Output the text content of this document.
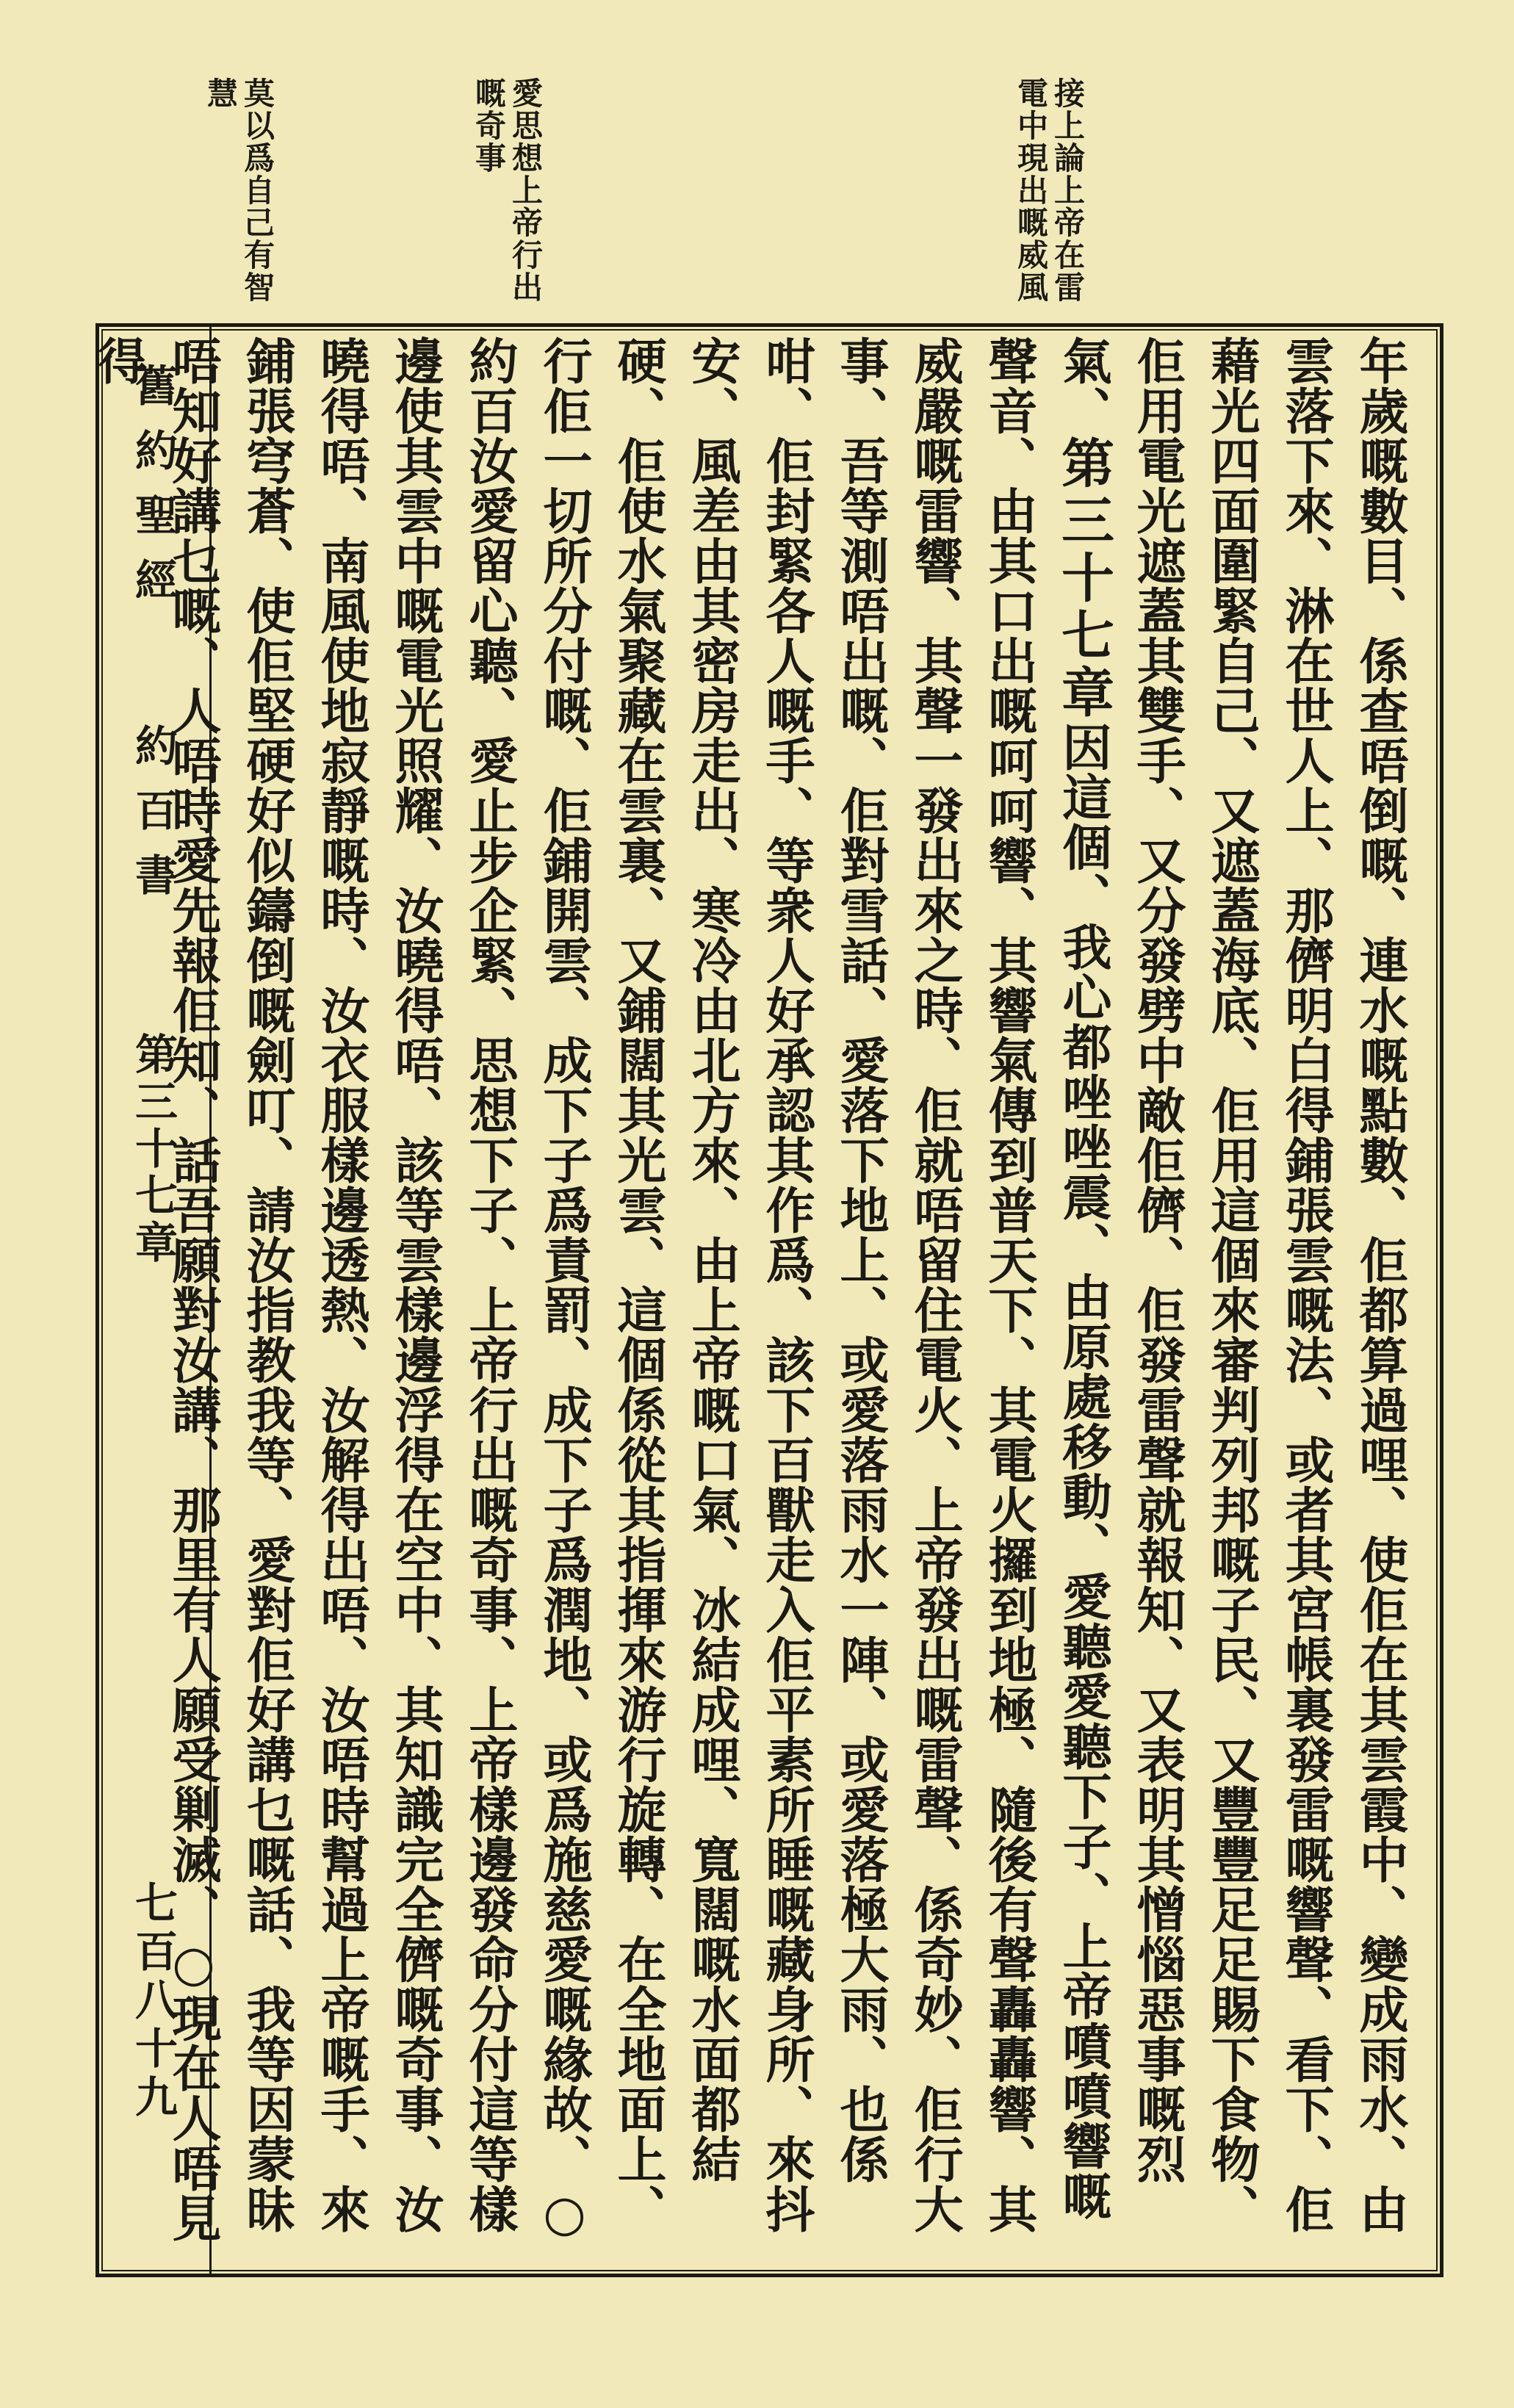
接上論上帝在雷電中現出嘅威風

愛思想上帝行出嘅奇事
莫以爲自己有智慧
舊約聖經
約百書
第三十七章
七百八十九	年歲嘅數目、係查唔倒嘅、連水嘅點數、佢都算過哩、使佢在其雲霞中、變成雨水、由雲落下來、淋在世人上、那儕明白得鋪張雲嘅法、或者其宮帳裏發雷嘅響聲、看下、佢藉光四面圍緊自己、又遮蓋海底、佢用這個來審判列邦嘅子民、又豐豐足足賜下食物、佢用電光遮蓋其雙手、又分發劈中敵佢儕、佢發雷聲就報知、又表明其憎惱惡事嘅烈氣、第三十七章因這個、我心都唑唑震、由原處移動、愛聽愛聽下子、上帝噴噴響嘅聲音、由其口出嘅呵呵響、其響氣傳到普天下、其電火攞到地極、隨後有聲轟轟響、其威嚴嘅雷響、其聲一發出來之時、佢就唔留住電火、上帝發出嘅雷聲、係奇妙、佢行大事、吾等測唔出嘅、佢對雪話、愛落下地上、或愛落雨水一陣、或愛落極大雨、也係咁、佢封緊各人嘅手、等衆人好承認其作爲、該下百獸走入佢平素所睡嘅藏身所、來抖安、風差由其密房走出、寒冷由北方來、由上帝嘅口氣、冰結成哩、寬闊嘅水面都結硬、佢使水氣聚藏在雲裏、又鋪闊其光雲、這個係從其指揮來游行旋轉、在全地面上、行佢一切所分付嘅、佢鋪開雲、成下子爲責罰、成下子爲潤地、或爲施慈愛嘅緣故、○約百汝愛留心聽、愛止步企緊、思想下子、上帝行出嘅奇事、上帝樣邊發命分付這等樣邊使其雲中嘅電光照耀、汝曉得唔、該等雲樣邊浮得在空中、其知識完全儕嘅奇事、汝曉得唔、南風使地寂靜嘅時、汝衣服樣邊透熱、汝解得出唔、汝唔時幫過上帝嘅手、來鋪張穹蒼、使佢堅硬好似鑄倒嘅劍叮、請汝指教我等、愛對佢好講乜嘅話、我等因蒙昧唔知好講乜嘅、人唔時愛先報佢知、話吾願對汝講、那里有人願受剿滅、○現在人唔見得
